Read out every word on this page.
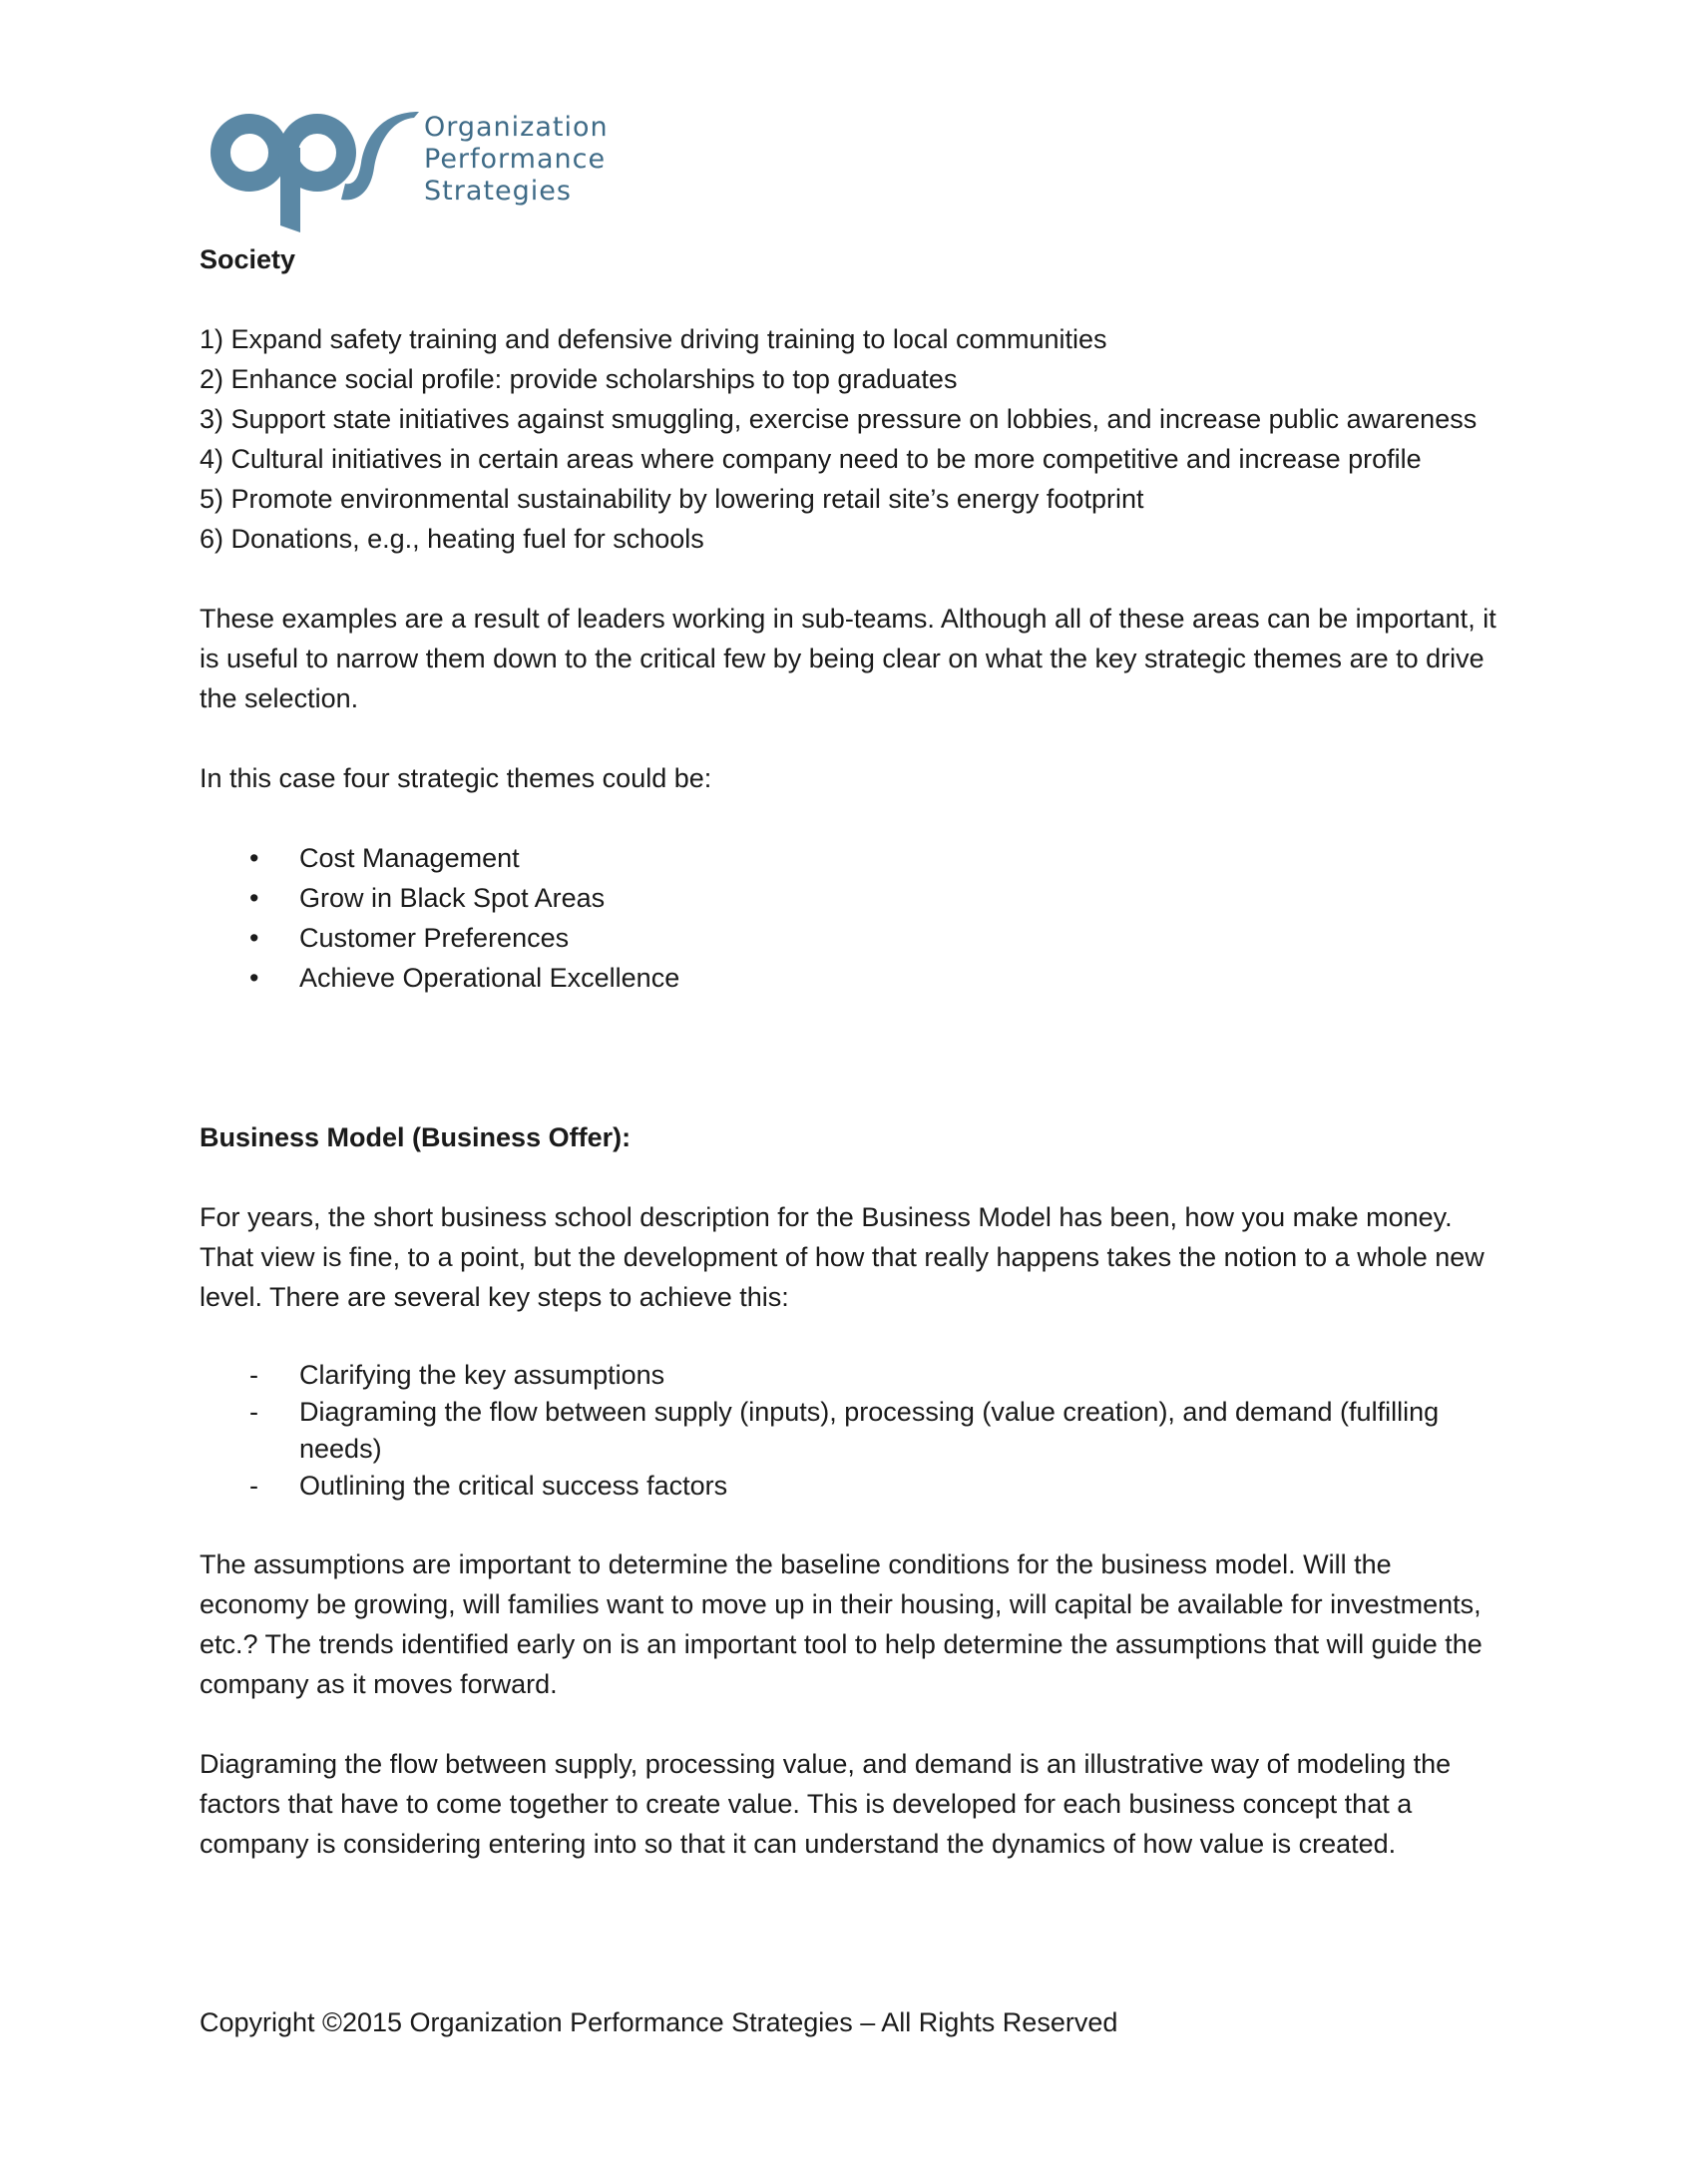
Organization
Performance
Strategies

Society

1) Expand safety training and defensive driving training to local communities
2) Enhance social profile: provide scholarships to top graduates
3) Support state initiatives against smuggling, exercise pressure on lobbies, and increase public awareness
4) Cultural initiatives in certain areas where company need to be more competitive and increase profile
5) Promote environmental sustainability by lowering retail site’s energy footprint
6) Donations, e.g., heating fuel for schools

These examples are a result of leaders working in sub-teams. Although all of these areas can be important, it is useful to narrow them down to the critical few by being clear on what the key strategic themes are to drive the selection.

In this case four strategic themes could be:

• Cost Management
• Grow in Black Spot Areas
• Customer Preferences
• Achieve Operational Excellence

Business Model (Business Offer):

For years, the short business school description for the Business Model has been, how you make money. That view is fine, to a point, but the development of how that really happens takes the notion to a whole new level. There are several key steps to achieve this:

- Clarifying the key assumptions
- Diagraming the flow between supply (inputs), processing (value creation), and demand (fulfilling needs)
- Outlining the critical success factors

The assumptions are important to determine the baseline conditions for the business model. Will the economy be growing, will families want to move up in their housing, will capital be available for investments, etc.? The trends identified early on is an important tool to help determine the assumptions that will guide the company as it moves forward.

Diagraming the flow between supply, processing value, and demand is an illustrative way of modeling the factors that have to come together to create value. This is developed for each business concept that a company is considering entering into so that it can understand the dynamics of how value is created.

Copyright ©2015 Organization Performance Strategies – All Rights Reserved
